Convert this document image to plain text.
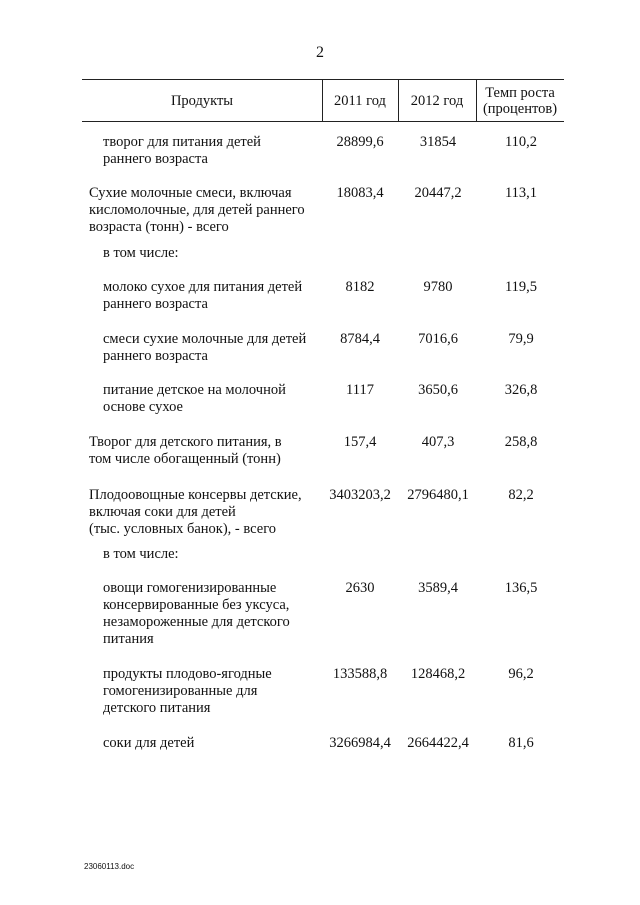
2
Продукты	2011 год	2012 год	Темп роста
(процентов)
творог для питания детей
раннего возраста
28899,6	31854	110,2
Сухие молочные смеси, включая
кисломолочные, для детей раннего
возраста (тонн) - всего
18083,4	20447,2	113,1
в том числе:
молоко сухое для питания детей
раннего возраста
8182	9780	119,5
смеси сухие молочные для детей
раннего возраста
8784,4	7016,6	79,9
питание детское на молочной
основе сухое
1117	3650,6	326,8
Творог для детского питания, в
том числе обогащенный (тонн)
157,4	407,3	258,8
Плодоовощные консервы детские,
включая соки для детей
(тыс. условных банок), - всего
3403203,2	2796480,1	82,2
в том числе:
овощи гомогенизированные
консервированные без уксуса,
незамороженные для детского
питания
2630	3589,4	136,5
продукты плодово-ягодные
гомогенизированные для
детского питания
133588,8	128468,2	96,2
соки для детей	3266984,4	2664422,4	81,6
23060113.doc
